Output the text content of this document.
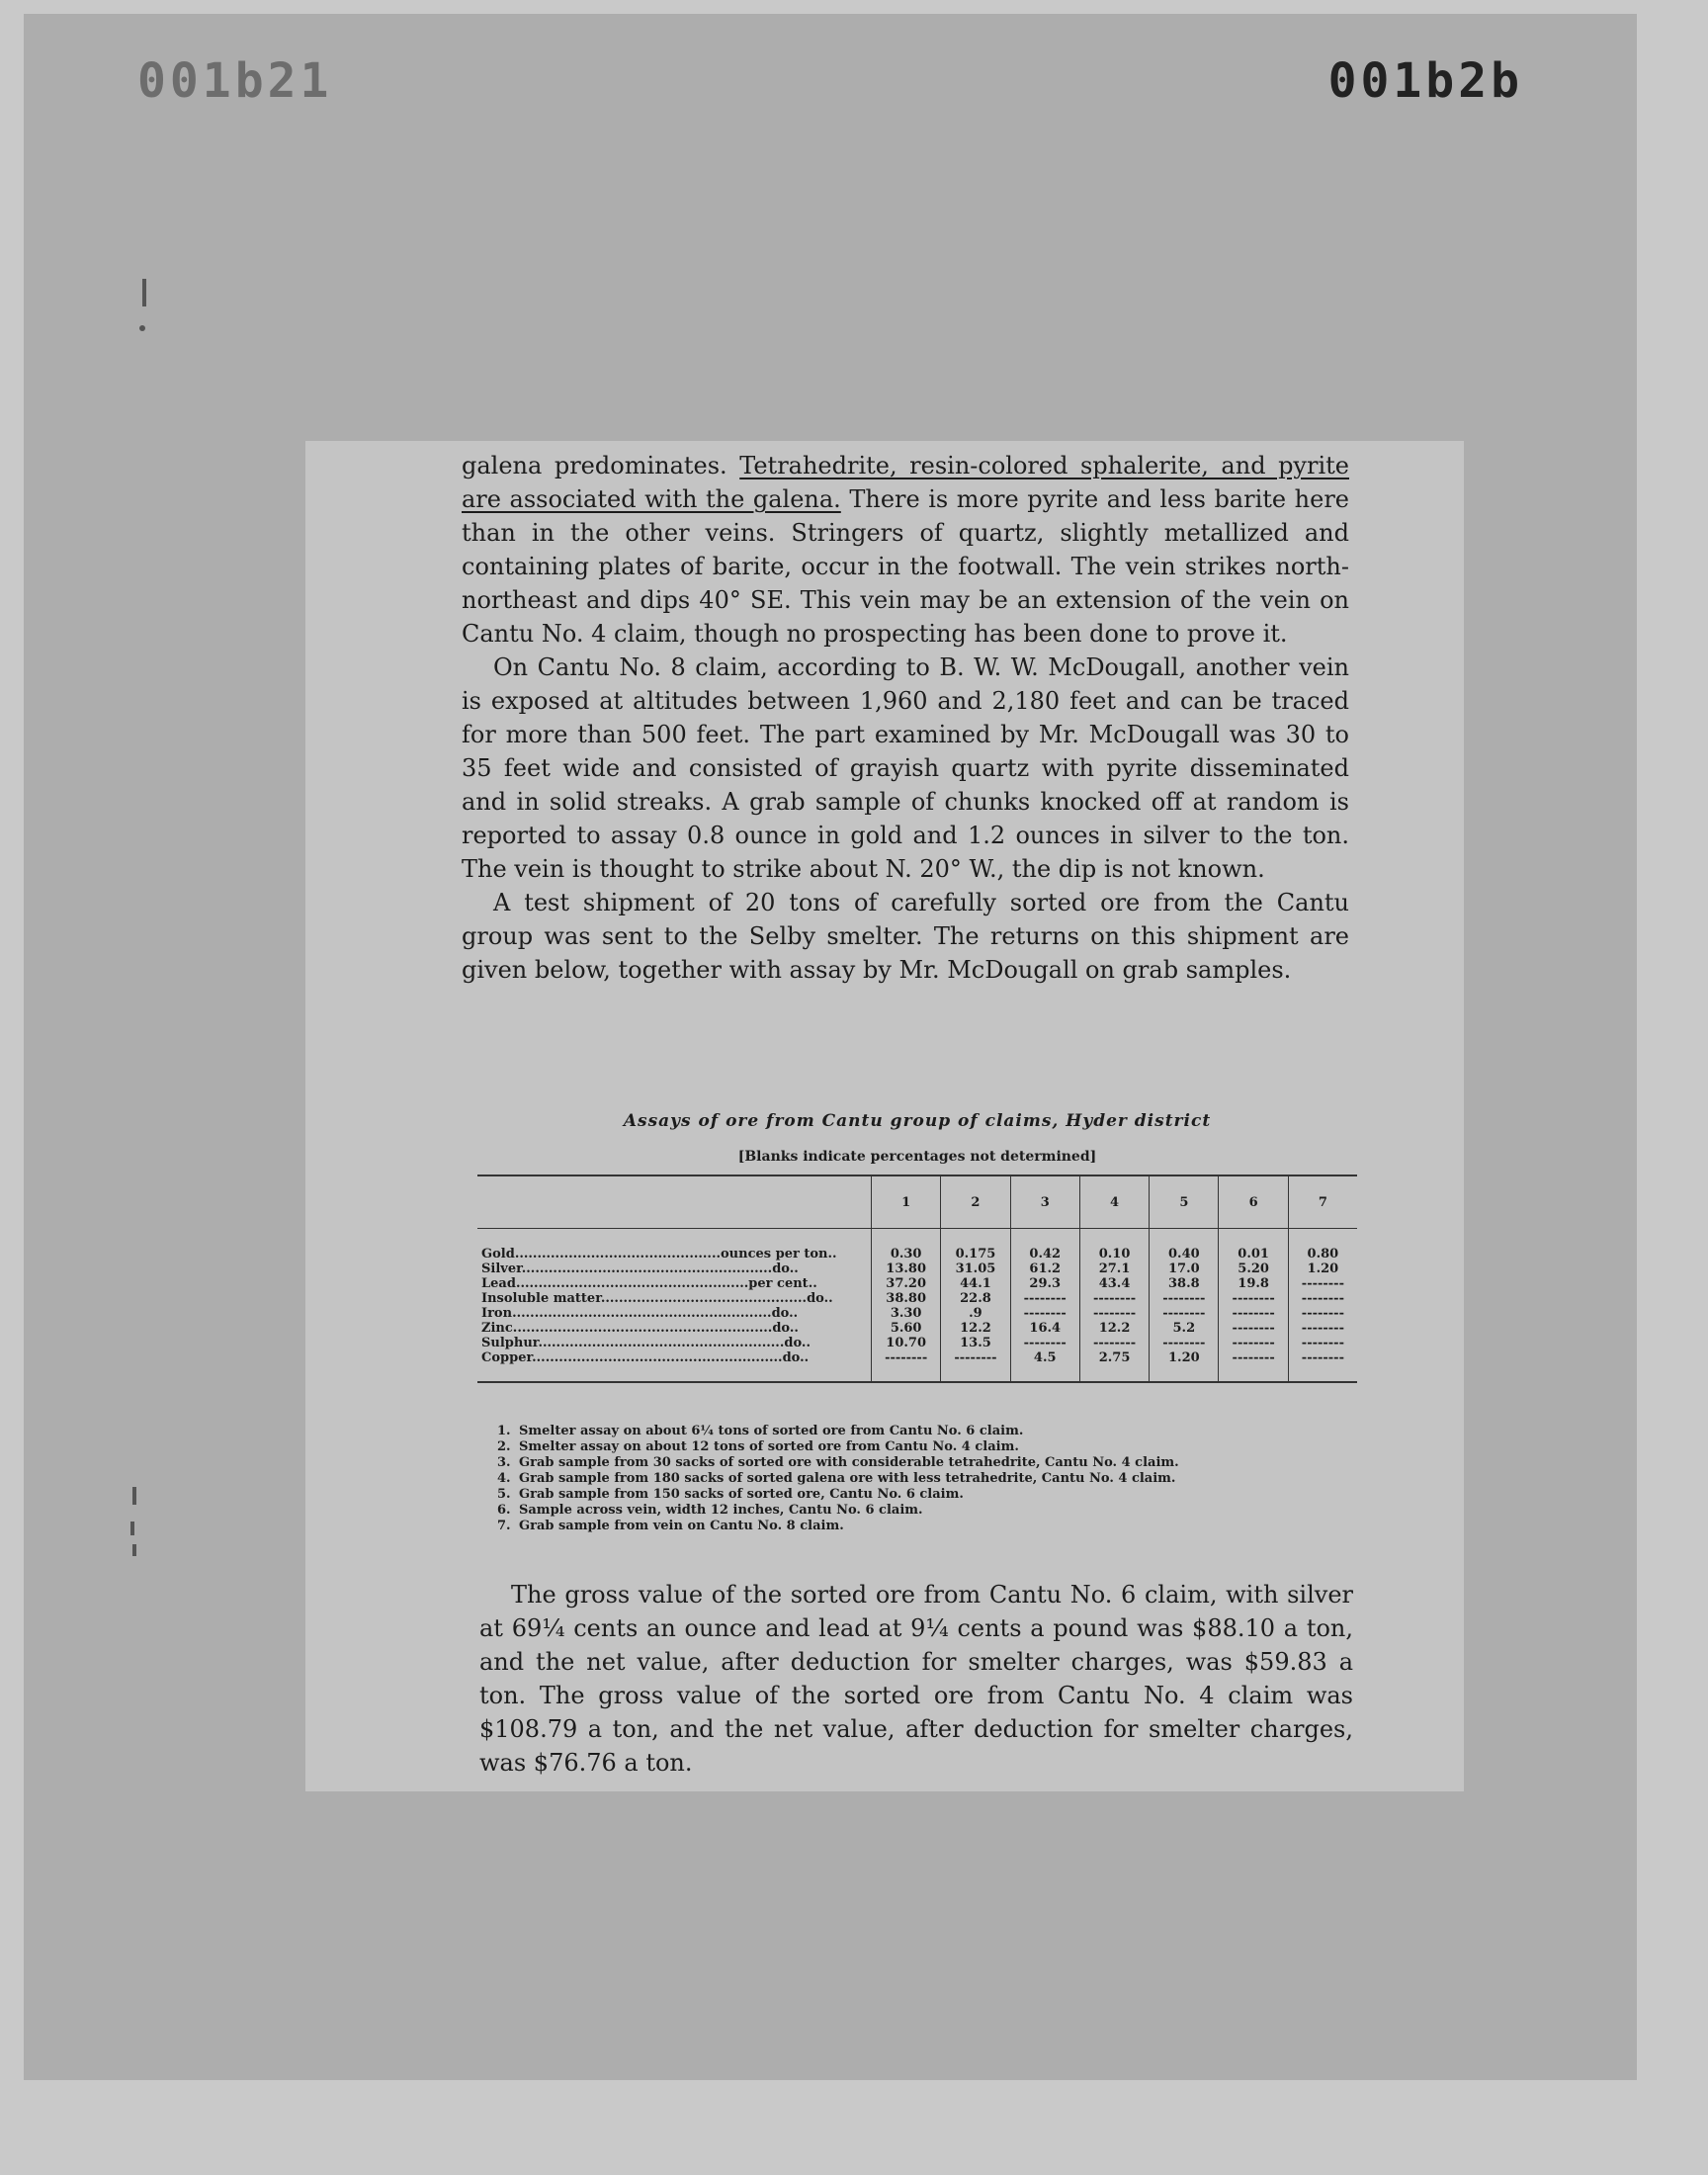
001b21	001b2b

galena predominates. Tetrahedrite, resin-colored sphalerite, and pyrite are associated with the galena. There is more pyrite and less barite here than in the other veins. Stringers of quartz, slightly metallized and containing plates of barite, occur in the footwall. The vein strikes north-northeast and dips 40° SE. This vein may be an extension of the vein on Cantu No. 4 claim, though no prospecting has been done to prove it.

On Cantu No. 8 claim, according to B. W. W. McDougall, another vein is exposed at altitudes between 1,960 and 2,180 feet and can be traced for more than 500 feet. The part examined by Mr. McDougall was 30 to 35 feet wide and consisted of grayish quartz with pyrite disseminated and in solid streaks. A grab sample of chunks knocked off at random is reported to assay 0.8 ounce in gold and 1.2 ounces in silver to the ton. The vein is thought to strike about N. 20° W., the dip is not known.

A test shipment of 20 tons of carefully sorted ore from the Cantu group was sent to the Selby smelter. The returns on this shipment are given below, together with assay by Mr. McDougall on grab samples.

Assays of ore from Cantu group of claims, Hyder district

[Blanks indicate percentages not determined]

	1	2	3	4	5	6	7
Gold..............................................ounces per ton..	0.30	0.175	0.42	0.10	0.40	0.01	0.80
Silver........................................................do..	13.80	31.05	61.2	27.1	17.0	5.20	1.20
Lead....................................................per cent..	37.20	44.1	29.3	43.4	38.8	19.8	--------
Insoluble matter..............................................do..	38.80	22.8	--------	--------	--------	--------	--------
Iron..........................................................do..	3.30	.9	--------	--------	--------	--------	--------
Zinc..........................................................do..	5.60	12.2	16.4	12.2	5.2	--------	--------
Sulphur.......................................................do..	10.70	13.5	--------	--------	--------	--------	--------
Copper........................................................do..	--------	--------	4.5	2.75	1.20	--------	--------
1. Smelter assay on about 6¼ tons of sorted ore from Cantu No. 6 claim.
2. Smelter assay on about 12 tons of sorted ore from Cantu No. 4 claim.
3. Grab sample from 30 sacks of sorted ore with considerable tetrahedrite, Cantu No. 4 claim.
4. Grab sample from 180 sacks of sorted galena ore with less tetrahedrite, Cantu No. 4 claim.
5. Grab sample from 150 sacks of sorted ore, Cantu No. 6 claim.
6. Sample across vein, width 12 inches, Cantu No. 6 claim.
7. Grab sample from vein on Cantu No. 8 claim.

The gross value of the sorted ore from Cantu No. 6 claim, with silver at 69¼ cents an ounce and lead at 9¼ cents a pound was $88.10 a ton, and the net value, after deduction for smelter charges, was $59.83 a ton. The gross value of the sorted ore from Cantu No. 4 claim was $108.79 a ton, and the net value, after deduction for smelter charges, was $76.76 a ton.
